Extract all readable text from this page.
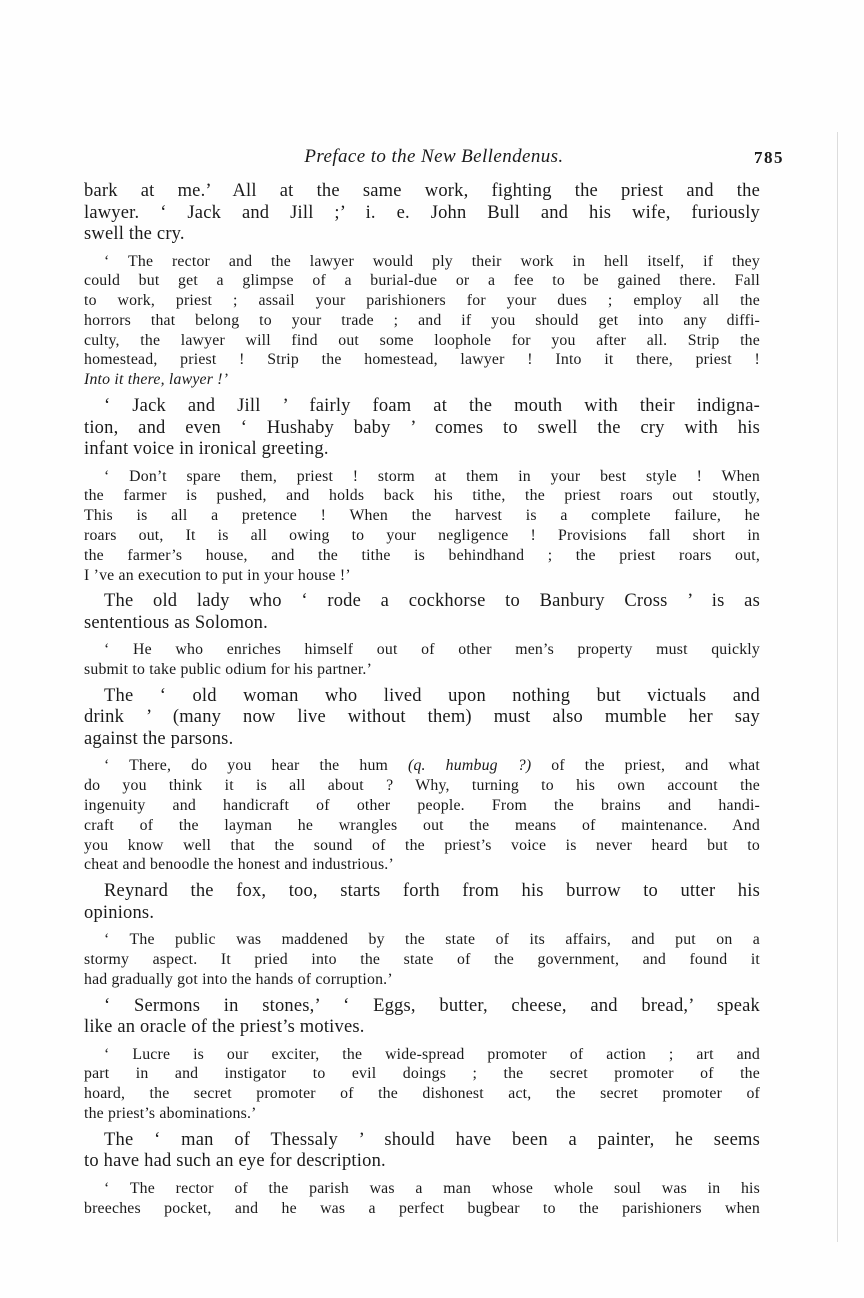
Preface to the New Bellendenus.	785
bark at me.’ All at the same work, fighting the priest and the
lawyer. ‘ Jack and Jill ;’ i. e. John Bull and his wife, furiously
swell the cry.
‘ The rector and the lawyer would ply their work in hell itself, if they
could but get a glimpse of a burial-due or a fee to be gained there. Fall
to work, priest ; assail your parishioners for your dues ; employ all the
horrors that belong to your trade ; and if you should get into any diffi-
culty, the lawyer will find out some loophole for you after all. Strip the
homestead, priest ! Strip the homestead, lawyer ! Into it there, priest !
Into it there, lawyer !’
‘ Jack and Jill ’ fairly foam at the mouth with their indigna-
tion, and even ‘ Hushaby baby ’ comes to swell the cry with his
infant voice in ironical greeting.
‘ Don’t spare them, priest ! storm at them in your best style ! When
the farmer is pushed, and holds back his tithe, the priest roars out stoutly,
This is all a pretence ! When the harvest is a complete failure, he
roars out, It is all owing to your negligence ! Provisions fall short in
the farmer’s house, and the tithe is behindhand ; the priest roars out,
I ’ve an execution to put in your house !’
The old lady who ‘ rode a cockhorse to Banbury Cross ’ is as
sententious as Solomon.
‘ He who enriches himself out of other men’s property must quickly
submit to take public odium for his partner.’
The ‘ old woman who lived upon nothing but victuals and
drink ’ (many now live without them) must also mumble her say
against the parsons.
‘ There, do you hear the hum (q. humbug ?) of the priest, and what
do you think it is all about ? Why, turning to his own account the
ingenuity and handicraft of other people. From the brains and handi-
craft of the layman he wrangles out the means of maintenance. And
you know well that the sound of the priest’s voice is never heard but to
cheat and benoodle the honest and industrious.’
Reynard the fox, too, starts forth from his burrow to utter his
opinions.
‘ The public was maddened by the state of its affairs, and put on a
stormy aspect. It pried into the state of the government, and found it
had gradually got into the hands of corruption.’
‘ Sermons in stones,’ ‘ Eggs, butter, cheese, and bread,’ speak
like an oracle of the priest’s motives.
‘ Lucre is our exciter, the wide-spread promoter of action ; art and
part in and instigator to evil doings ; the secret promoter of the
hoard, the secret promoter of the dishonest act, the secret promoter of
the priest’s abominations.’
The ‘ man of Thessaly ’ should have been a painter, he seems
to have had such an eye for description.
‘ The rector of the parish was a man whose whole soul was in his
breeches pocket, and he was a perfect bugbear to the parishioners when
